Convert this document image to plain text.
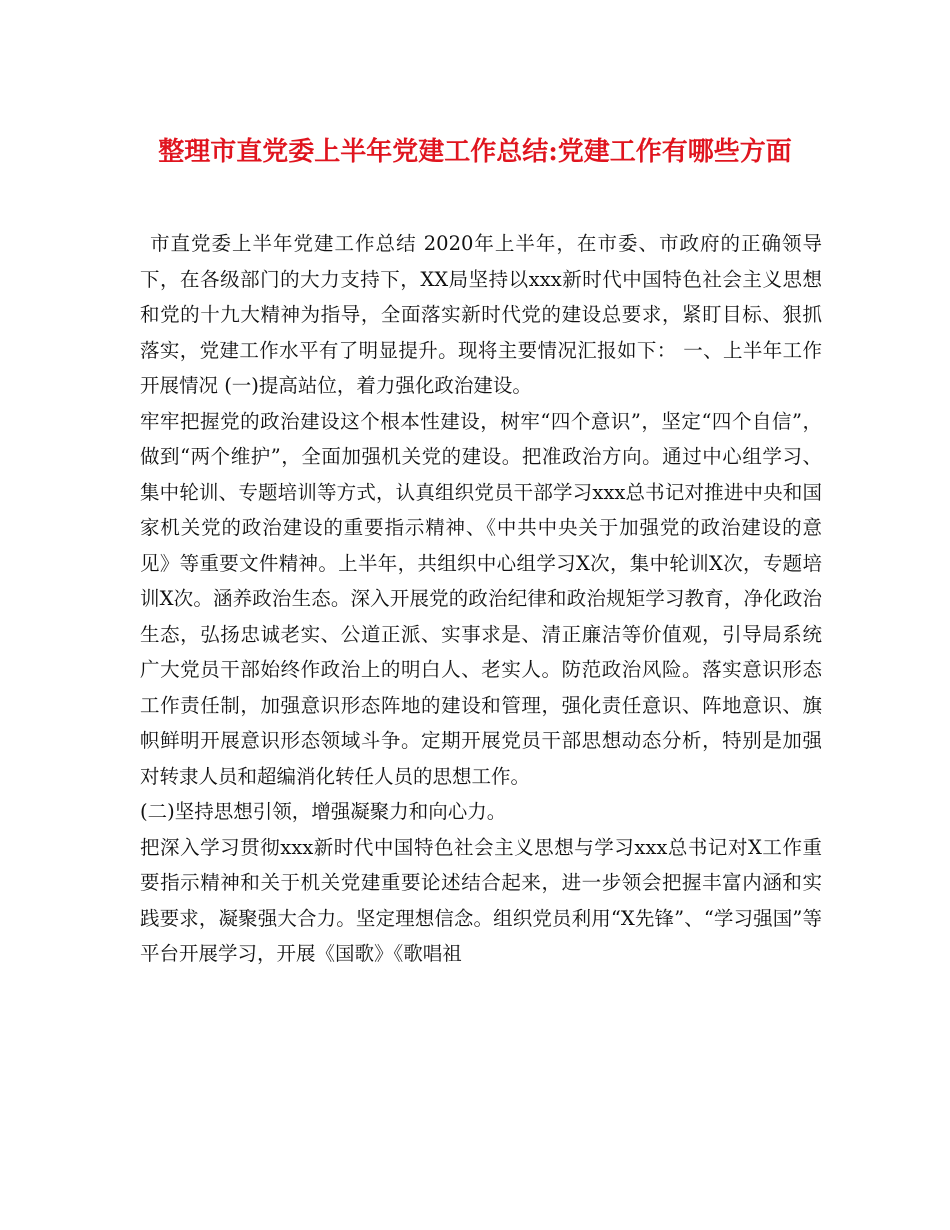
整理市直党委上半年党建工作总结:党建工作有哪些方面

市直党委上半年党建工作总结 2020年上半年，在市委、市政府的正确领导下，在各级部门的大力支持下，XX局坚持以xxx新时代中国特色社会主义思想和党的十九大精神为指导，全面落实新时代党的建设总要求，紧盯目标、狠抓落实，党建工作水平有了明显提升。现将主要情况汇报如下： 一、上半年工作开展情况 (一)提高站位，着力强化政治建设。

牢牢把握党的政治建设这个根本性建设，树牢“四个意识”，坚定“四个自信”，做到“两个维护”，全面加强机关党的建设。把准政治方向。通过中心组学习、集中轮训、专题培训等方式，认真组织党员干部学习xxx总书记对推进中央和国家机关党的政治建设的重要指示精神、《中共中央关于加强党的政治建设的意见》等重要文件精神。上半年，共组织中心组学习X次，集中轮训X次，专题培训X次。涵养政治生态。深入开展党的政治纪律和政治规矩学习教育，净化政治生态，弘扬忠诚老实、公道正派、实事求是、清正廉洁等价值观，引导局系统广大党员干部始终作政治上的明白人、老实人。防范政治风险。落实意识形态工作责任制，加强意识形态阵地的建设和管理，强化责任意识、阵地意识、旗帜鲜明开展意识形态领域斗争。定期开展党员干部思想动态分析，特别是加强对转隶人员和超编消化转任人员的思想工作。

(二)坚持思想引领，增强凝聚力和向心力。

把深入学习贯彻xxx新时代中国特色社会主义思想与学习xxx总书记对X工作重要指示精神和关于机关党建重要论述结合起来，进一步领会把握丰富内涵和实践要求，凝聚强大合力。坚定理想信念。组织党员利用“X先锋”、“学习强国”等平台开展学习，开展《国歌》《歌唱祖
